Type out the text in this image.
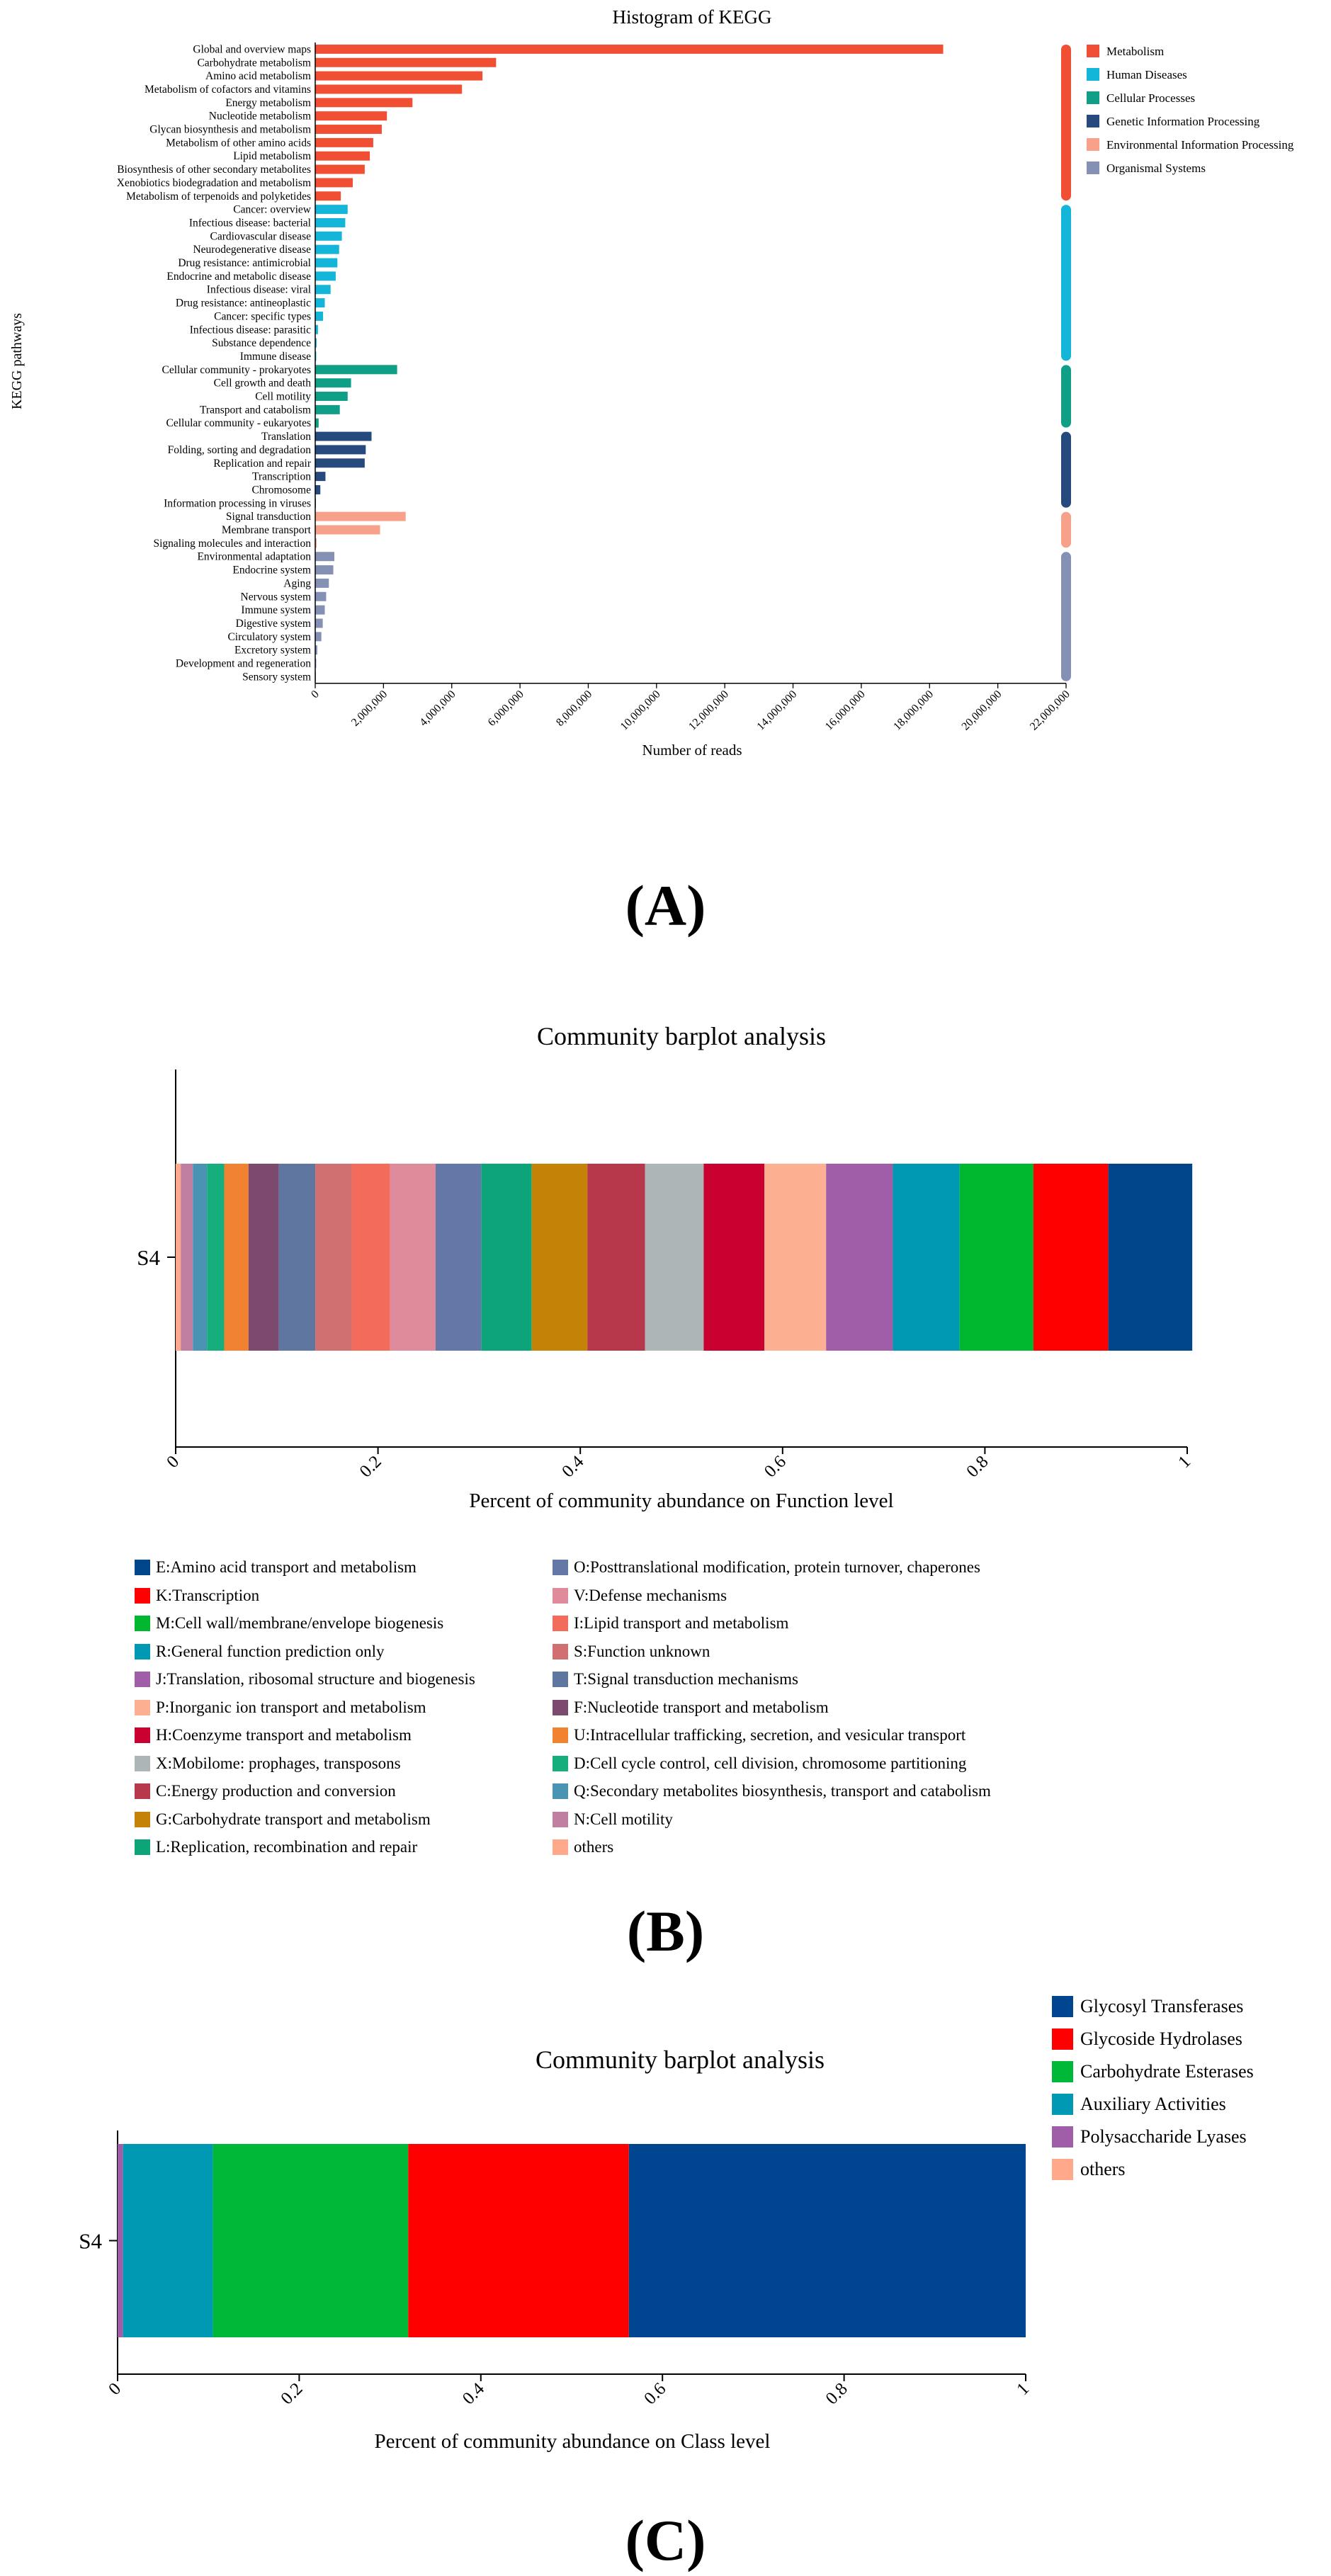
Histogram of KEGG
KEGG pathways
Number of reads
Global and overview maps
Carbohydrate metabolism
Amino acid metabolism
Metabolism of cofactors and vitamins
Energy metabolism
Nucleotide metabolism
Glycan biosynthesis and metabolism
Metabolism of other amino acids
Lipid metabolism
Biosynthesis of other secondary metabolites
Xenobiotics biodegradation and metabolism
Metabolism of terpenoids and polyketides
Cancer: overview
Infectious disease: bacterial
Cardiovascular disease
Neurodegenerative disease
Drug resistance: antimicrobial
Endocrine and metabolic disease
Infectious disease: viral
Drug resistance: antineoplastic
Cancer: specific types
Infectious disease: parasitic
Substance dependence
Immune disease
Cellular community - prokaryotes
Cell growth and death
Cell motility
Transport and catabolism
Cellular community - eukaryotes
Translation
Folding, sorting and degradation
Replication and repair
Transcription
Chromosome
Information processing in viruses
Signal transduction
Membrane transport
Signaling molecules and interaction
Environmental adaptation
Endocrine system
Aging
Nervous system
Immune system
Digestive system
Circulatory system
Excretory system
Development and regeneration
Sensory system
0 2,000,000 4,000,000 6,000,000 8,000,000 10,000,000 12,000,000 14,000,000 16,000,000 18,000,000 20,000,000 22,000,000
Metabolism
Human Diseases
Cellular Processes
Genetic Information Processing
Environmental Information Processing
Organismal Systems
(A)
Community barplot analysis
Percent of community abundance on Function level
S4
0	0.2	0.4	0.6	0.8	1
E:Amino acid transport and metabolism
K:Transcription
M:Cell wall/membrane/envelope biogenesis
R:General function prediction only
J:Translation, ribosomal structure and biogenesis
P:Inorganic ion transport and metabolism
H:Coenzyme transport and metabolism
X:Mobilome: prophages, transposons
C:Energy production and conversion
G:Carbohydrate transport and metabolism
L:Replication, recombination and repair
O:Posttranslational modification, protein turnover, chaperones
V:Defense mechanisms
I:Lipid transport and metabolism
S:Function unknown
T:Signal transduction mechanisms
F:Nucleotide transport and metabolism
U:Intracellular trafficking, secretion, and vesicular transport
D:Cell cycle control, cell division, chromosome partitioning
Q:Secondary metabolites biosynthesis, transport and catabolism
N:Cell motility
others
(B)
Community barplot analysis
Percent of community abundance on Class level
S4
0	0.2	0.4	0.6	0.8	1
Glycosyl Transferases
Glycoside Hydrolases
Carbohydrate Esterases
Auxiliary Activities
Polysaccharide Lyases
others
(C)
